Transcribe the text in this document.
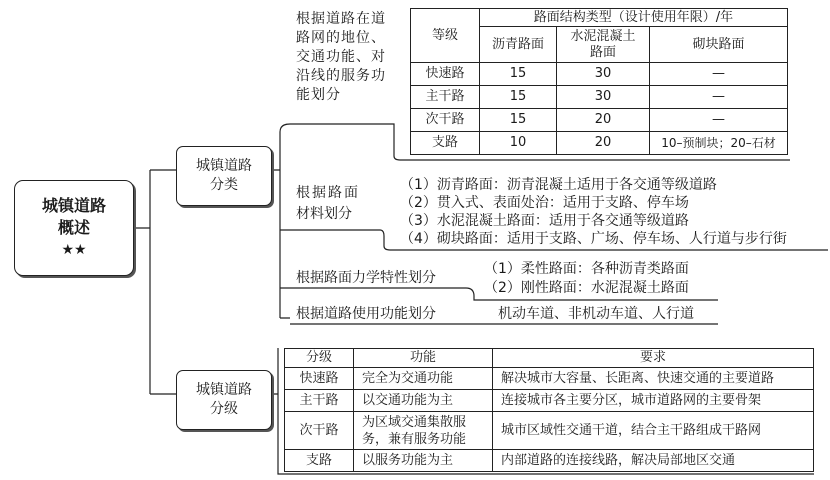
城镇道路
概述
★★
城镇道路
分类
根据道路在道路网的地位、交通功能、对沿线的服务功能划分
等级	路面结构类型（设计使用年限）/年		
	沥青路面	水泥混凝土路面	砌块路面
快速路	15	30	—
主干路	15	30	—
次干路	15	20	—
支路	10	20	10–预制块；20–石材
根据路面
材料划分
（1）沥青路面：沥青混凝土适用于各交通等级道路
（2）贯入式、表面处治：适用于支路、停车场
（3）水泥混凝土路面：适用于各交通等级道路
（4）砌块路面：适用于支路、广场、停车场、人行道与步行街
根据路面力学特性划分
（1）柔性路面：各种沥青类路面
（2）刚性路面：水泥混凝土路面
根据道路使用功能划分	机动车道、非机动车道、人行道
城镇道路
分级
分级	功能	要求
快速路	完全为交通功能	解决城市大容量、长距离、快速交通的主要道路
主干路	以交通功能为主	连接城市各主要分区，城市道路网的主要骨架
次干路	为区域交通集散服务，兼有服务功能	城市区域性交通干道，结合主干路组成干路网
支路	以服务功能为主	内部道路的连接线路，解决局部地区交通
